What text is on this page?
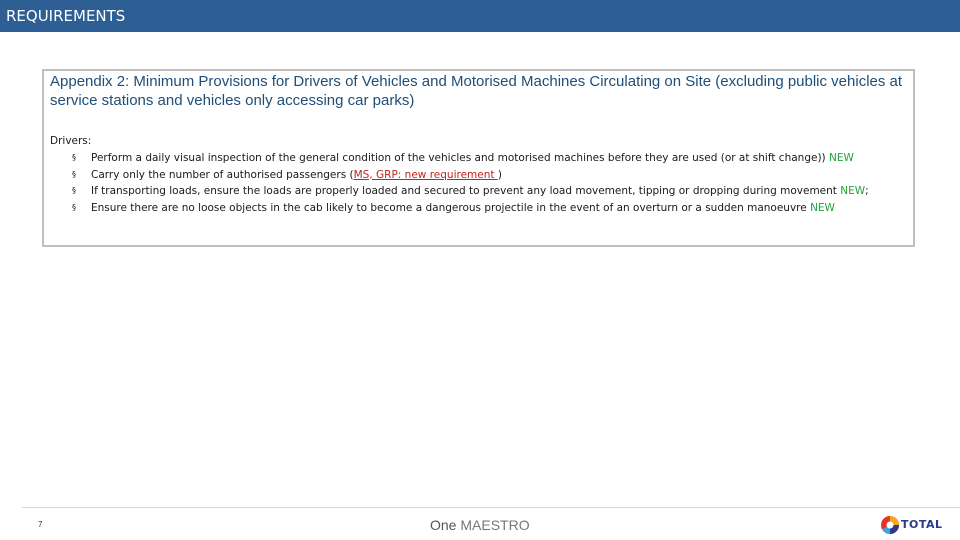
REQUIREMENTS
Appendix 2: Minimum Provisions for Drivers of Vehicles and Motorised Machines Circulating on Site (excluding public vehicles at service stations and vehicles only accessing car parks)
Drivers:
§ Perform a daily visual inspection of the general condition of the vehicles and motorised machines before they are used (or at shift change)) NEW
§ Carry only the number of authorised passengers (MS, GRP: new requirement )
§ If transporting loads, ensure the loads are properly loaded and secured to prevent any load movement, tipping or dropping during movement NEW;
§ Ensure there are no loose objects in the cab likely to become a dangerous projectile in the event of an overturn or a sudden manoeuvre NEW
7	One MAESTRO	TOTAL
